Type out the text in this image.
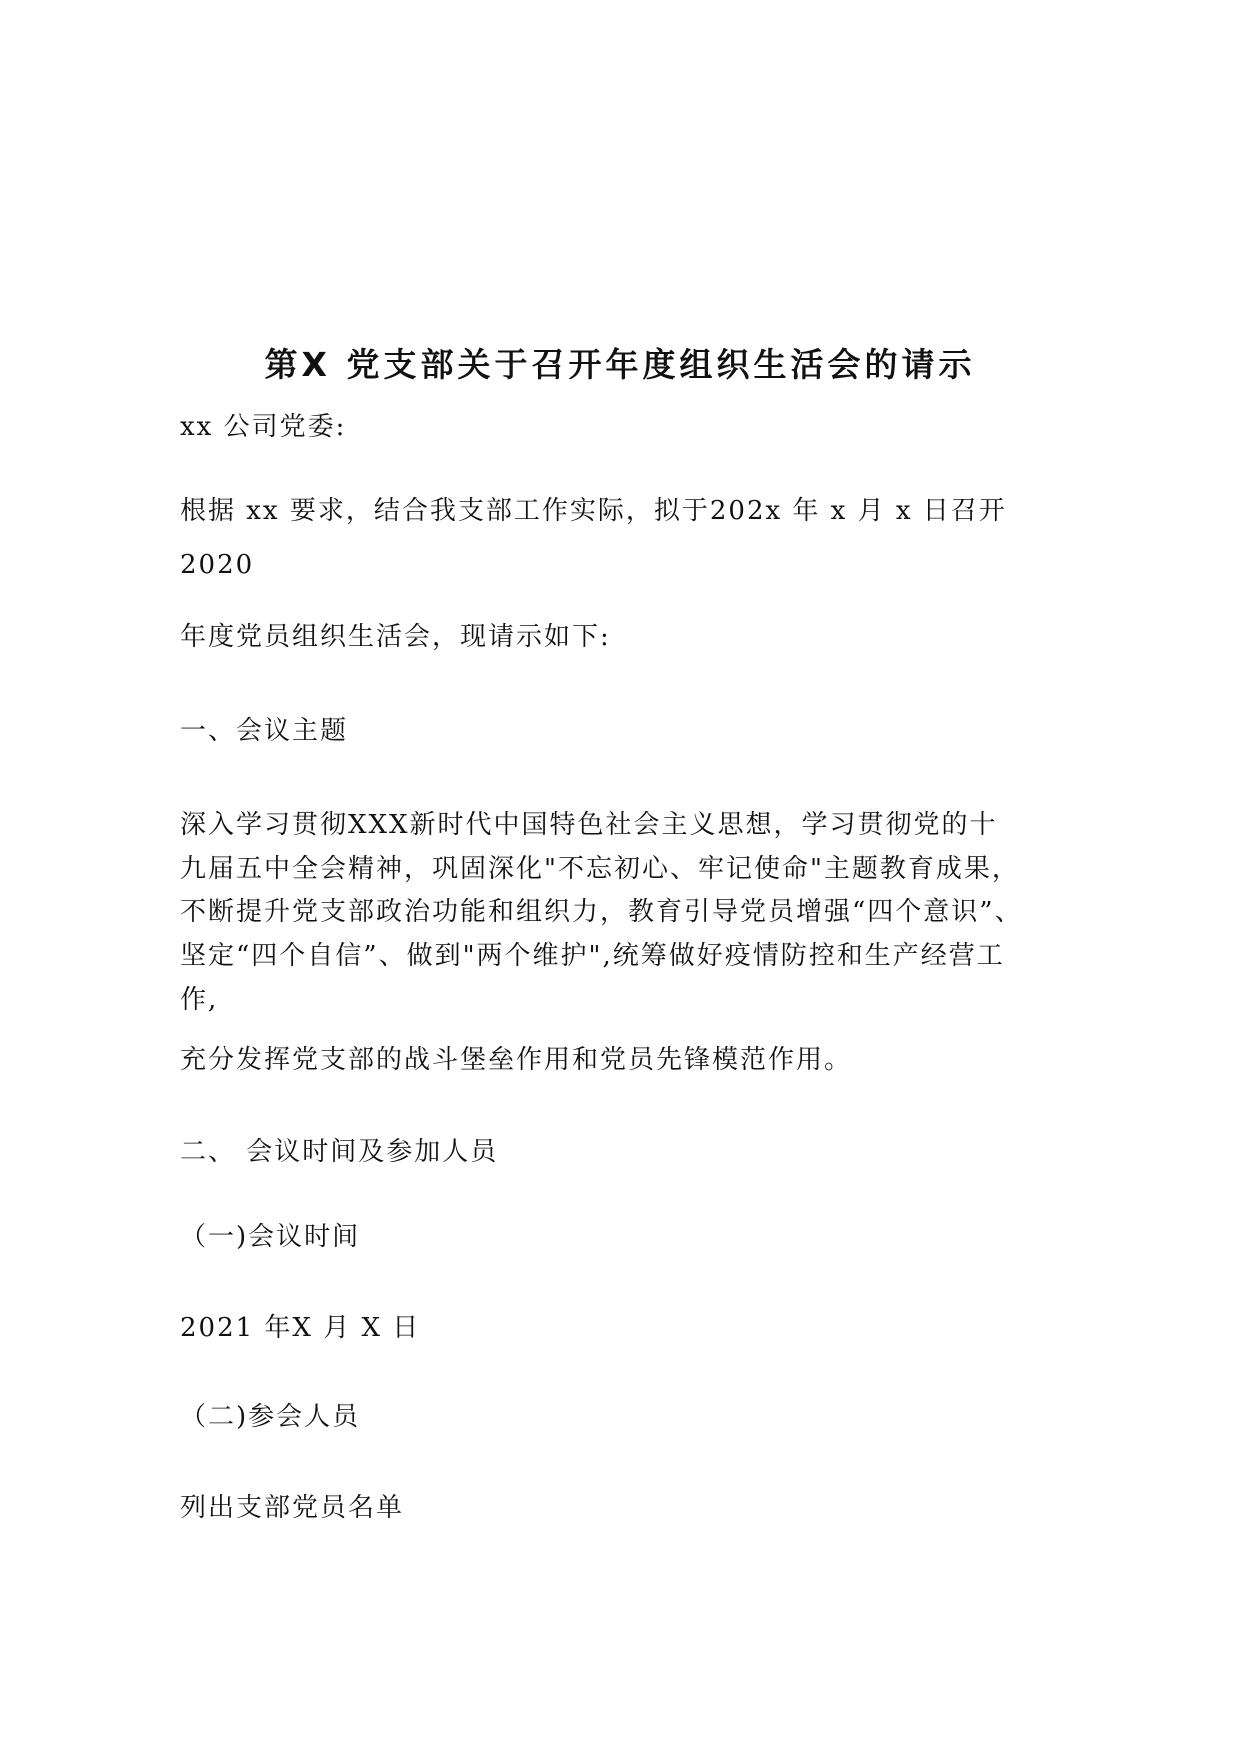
第X 党支部关于召开年度组织生活会的请示
xx 公司党委:
根据 xx 要求，结合我支部工作实际，拟于202x 年 x 月 x 日召开
2020
年度党员组织生活会，现请示如下:
一、会议主题
深入学习贯彻XXX新时代中国特色社会主义思想，学习贯彻党的十
九届五中全会精神，巩固深化"不忘初心、牢记使命"主题教育成果，
不断提升党支部政治功能和组织力，教育引导党员增强“四个意识”、
坚定“四个自信”、做到"两个维护",统筹做好疫情防控和生产经营工
作,
充分发挥党支部的战斗堡垒作用和党员先锋模范作用。
二、 会议时间及参加人员
（一)会议时间
2021 年X 月 X 日
（二)参会人员
列出支部党员名单
